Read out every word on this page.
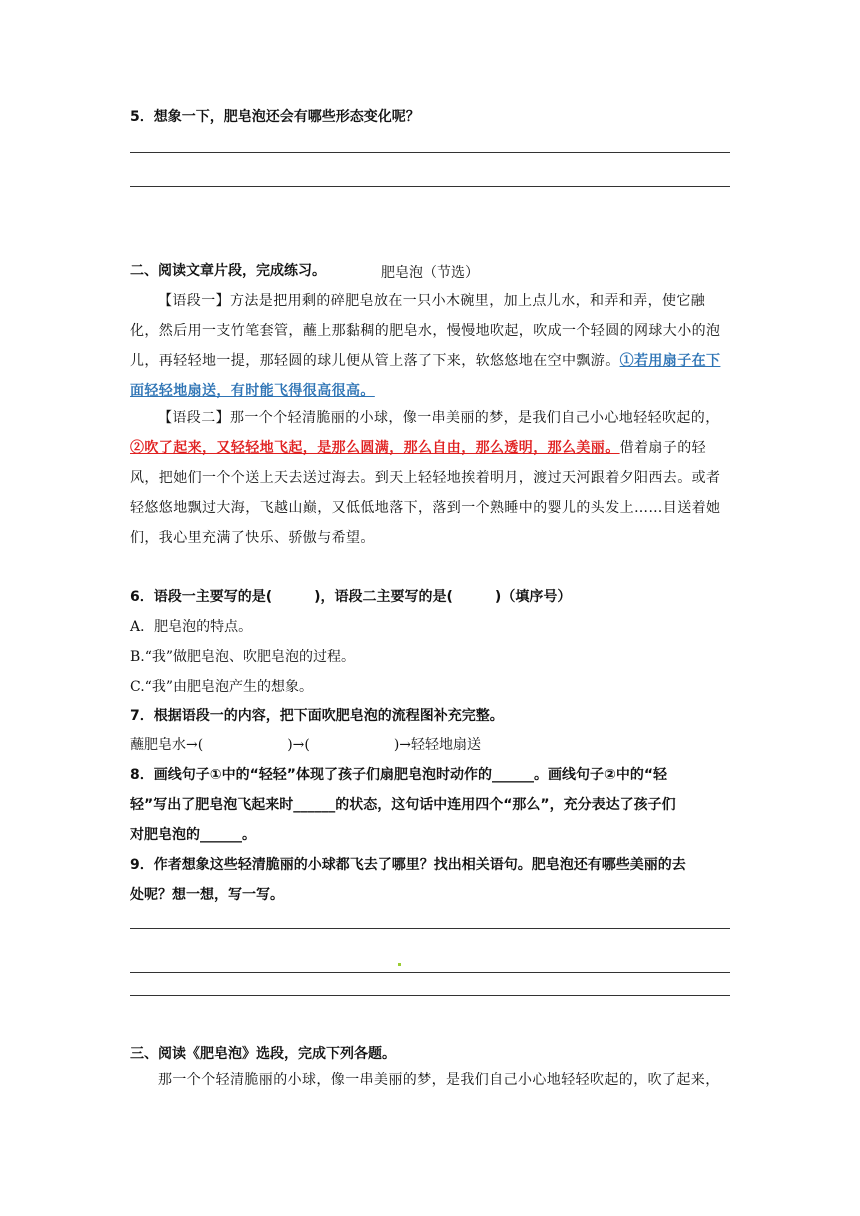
5．想象一下，肥皂泡还会有哪些形态变化呢？
二、阅读文章片段，完成练习。	肥皂泡（节选）
【语段一】方法是把用剩的碎肥皂放在一只小木碗里，加上点儿水，和弄和弄，使它融化，然后用一支竹笔套管，蘸上那黏稠的肥皂水，慢慢地吹起，吹成一个轻圆的网球大小的泡儿，再轻轻地一提，那轻圆的球儿便从管上落了下来，软悠悠地在空中飘游。①若用扇子在下面轻轻地扇送，有时能飞得很高很高。
【语段二】那一个个轻清脆丽的小球，像一串美丽的梦，是我们自己小心地轻轻吹起的，②吹了起来，又轻轻地飞起，是那么圆满，那么自由，那么透明，那么美丽。借着扇子的轻风，把她们一个个送上天去送过海去。到天上轻轻地挨着明月，渡过天河跟着夕阳西去。或者轻悠悠地飘过大海，飞越山巅，又低低地落下，落到一个熟睡中的婴儿的头发上……目送着她们，我心里充满了快乐、骄傲与希望。
6．语段一主要写的是(　　　)，语段二主要写的是(　　　)（填序号）
A．肥皂泡的特点。
B.“我”做肥皂泡、吹肥皂泡的过程。
C.“我”由肥皂泡产生的想象。
7．根据语段一的内容，把下面吹肥皂泡的流程图补充完整。
蘸肥皂水→(　　　　　　)→(　　　　　　)→轻轻地扇送
8．画线句子①中的“轻轻”体现了孩子们扇肥皂泡时动作的______。画线句子②中的“轻
轻”写出了肥皂泡飞起来时______的状态，这句话中连用四个“那么”，充分表达了孩子们
对肥皂泡的______。
9．作者想象这些轻清脆丽的小球都飞去了哪里？找出相关语句。肥皂泡还有哪些美丽的去
处呢？想一想，写一写。
三、阅读《肥皂泡》选段，完成下列各题。
那一个个轻清脆丽的小球，像一串美丽的梦，是我们自己小心地轻轻吹起的，吹了起来，
